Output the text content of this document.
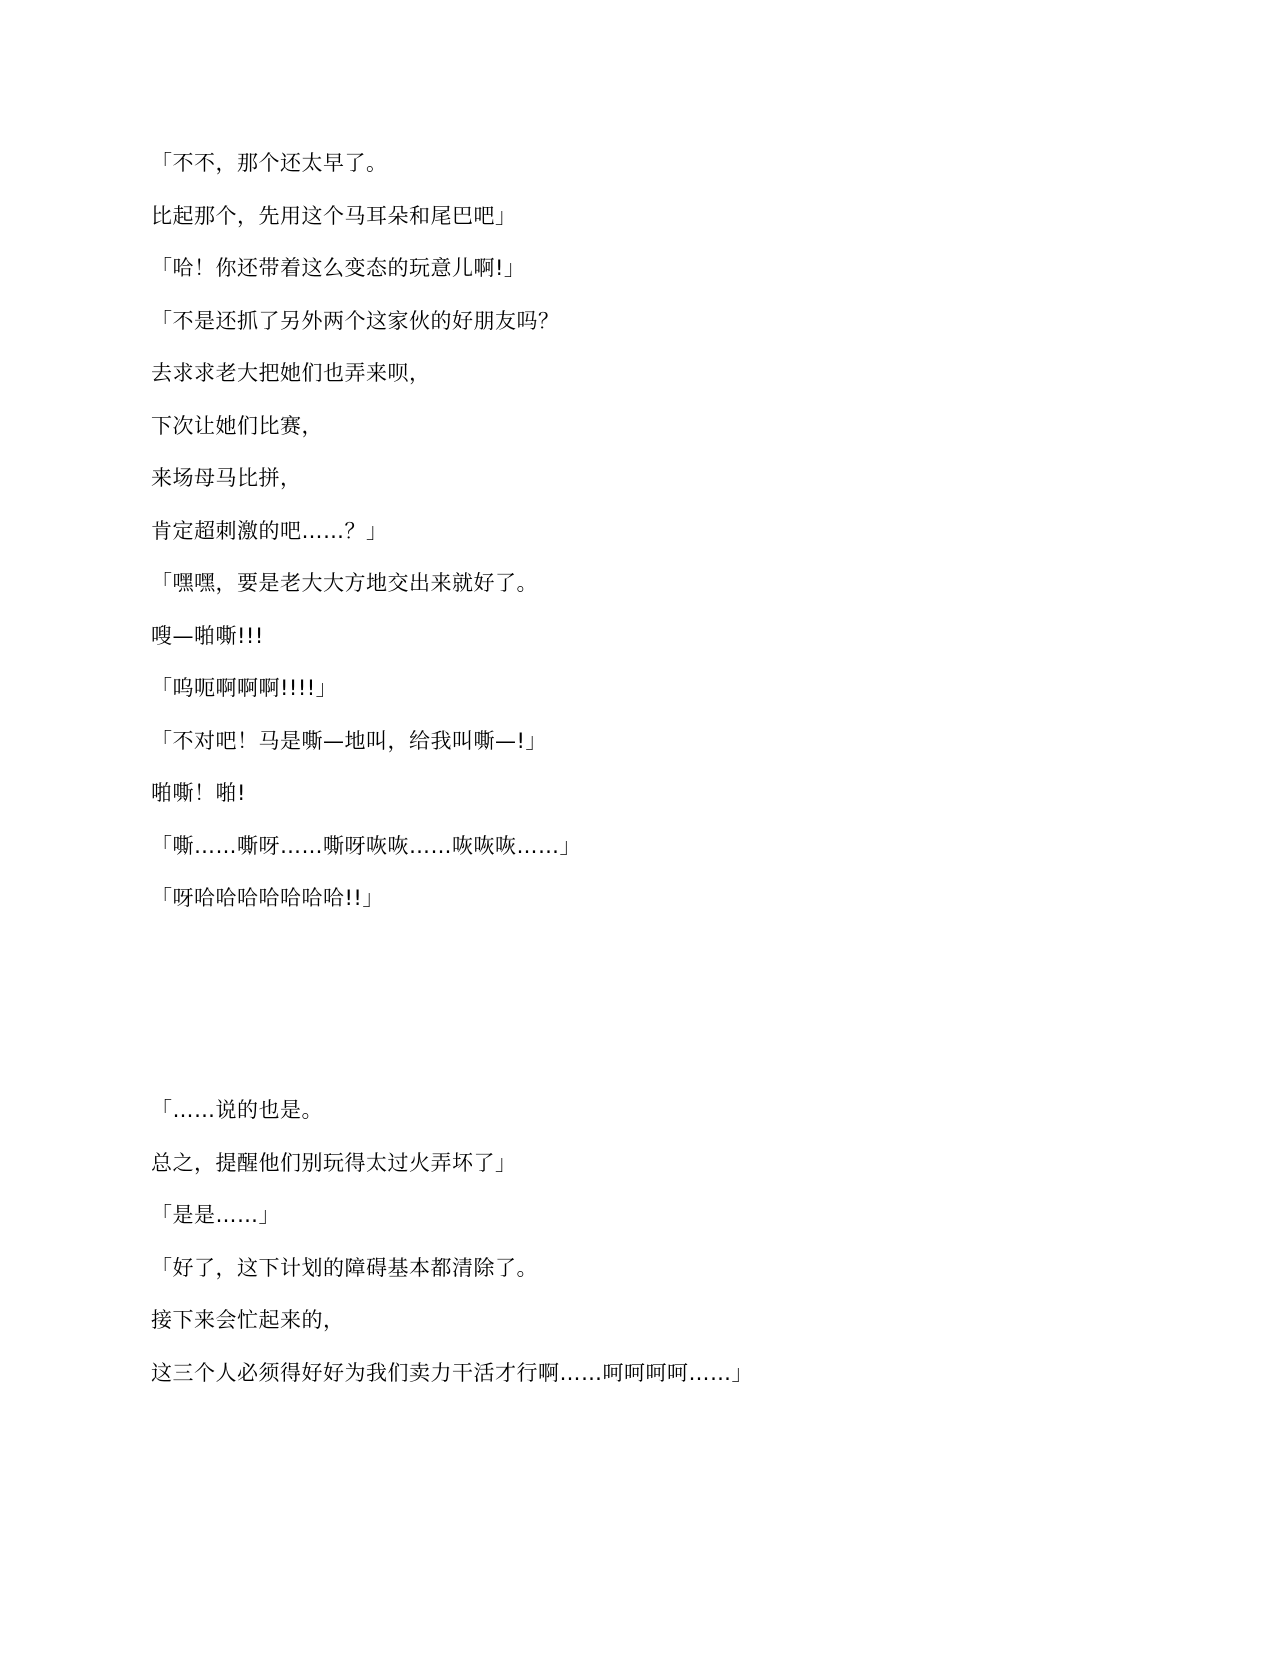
「不不，那个还太早了。
比起那个，先用这个马耳朵和尾巴吧」
「哈！你还带着这么变态的玩意儿啊!」
「不是还抓了另外两个这家伙的好朋友吗？
去求求老大把她们也弄来呗，
下次让她们比赛，
来场母马比拼，
肯定超刺激的吧……？」
「嘿嘿，要是老大大方地交出来就好了。
嗖—啪嘶!!!
「呜呃啊啊啊!!!!」
「不对吧！马是嘶—地叫，给我叫嘶—!」
啪嘶！啪!
「嘶……嘶呀……嘶呀咴咴……咴咴咴……」
「呀哈哈哈哈哈哈哈!!」
「……说的也是。
总之，提醒他们别玩得太过火弄坏了」
「是是……」
「好了，这下计划的障碍基本都清除了。
接下来会忙起来的，
这三个人必须得好好为我们卖力干活才行啊……呵呵呵呵……」
